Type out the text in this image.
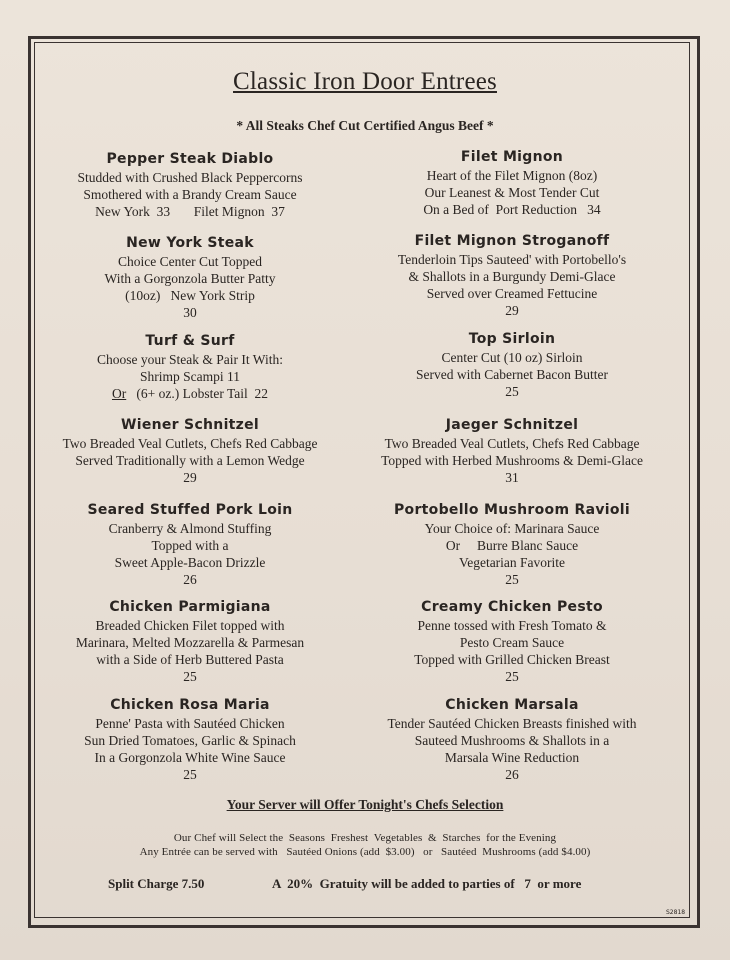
Classic Iron Door Entrees
* All Steaks Chef Cut Certified Angus Beef *
Pepper Steak Diablo
Studded with Crushed Black Peppercorns
Smothered with a Brandy Cream Sauce
New York  33       Filet Mignon  37
New York Steak
Choice Center Cut Topped
With a Gorgonzola Butter Patty
(10oz)   New York Strip
30
Turf & Surf
Choose your Steak & Pair It With:
Shrimp Scampi 11
Or   (6+ oz.) Lobster Tail  22
Wiener Schnitzel
Two Breaded Veal Cutlets, Chefs Red Cabbage
Served Traditionally with a Lemon Wedge
29
Seared Stuffed Pork Loin
Cranberry & Almond Stuffing
Topped with a
Sweet Apple-Bacon Drizzle
26
Chicken Parmigiana
Breaded Chicken Filet topped with
Marinara, Melted Mozzarella & Parmesan
with a Side of Herb Buttered Pasta
25
Chicken Rosa Maria
Penne' Pasta with Sautéed Chicken
Sun Dried Tomatoes, Garlic & Spinach
In a Gorgonzola White Wine Sauce
25
Filet Mignon
Heart of the Filet Mignon (8oz)
Our Leanest & Most Tender Cut
On a Bed of  Port Reduction   34
Filet Mignon Stroganoff
Tenderloin Tips Sauteed' with Portobello's
& Shallots in a Burgundy Demi-Glace
Served over Creamed Fettucine
29
Top Sirloin
Center Cut (10 oz) Sirloin
Served with Cabernet Bacon Butter
25
Jaeger Schnitzel
Two Breaded Veal Cutlets, Chefs Red Cabbage
Topped with Herbed Mushrooms & Demi-Glace
31
Portobello Mushroom Ravioli
Your Choice of: Marinara Sauce
Or     Burre Blanc Sauce
Vegetarian Favorite
25
Creamy Chicken Pesto
Penne tossed with Fresh Tomato &
Pesto Cream Sauce
Topped with Grilled Chicken Breast
25
Chicken Marsala
Tender Sautéed Chicken Breasts finished with
Sauteed Mushrooms & Shallots in a
Marsala Wine Reduction
26
Your Server will Offer Tonight's Chefs Selection
Our Chef will Select the  Seasons  Freshest  Vegetables  &  Starches  for the Evening
Any Entrée can be served with   Sautéed Onions (add  $3.00)   or   Sautéed  Mushrooms (add $4.00)
Split Charge 7.50	A  20%  Gratuity will be added to parties of   7  or more
S2818
